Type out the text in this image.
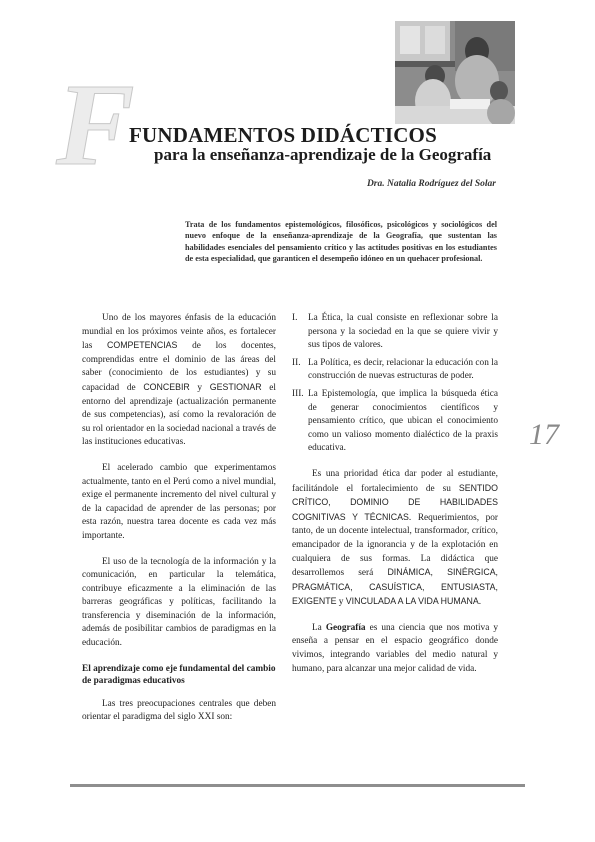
F FUNDAMENTOS DIDÁCTICOS
para la enseñanza-aprendizaje de la Geografía
Dra. Natalia Rodríguez del Solar

Trata de los fundamentos epistemológicos, filosóficos, psicológicos y sociológicos del nuevo enfoque de la enseñanza-aprendizaje de la Geografía, que sustentan las habilidades esenciales del pensamiento crítico y las actitudes positivas en los estudiantes de esta especialidad, que garanticen el desempeño idóneo en un quehacer profesional.

Uno de los mayores énfasis de la educación mundial en los próximos veinte años, es fortalecer las COMPETENCIAS de los docentes, comprendidas entre el dominio de las áreas del saber (conocimiento de los estudiantes) y su capacidad de CONCEBIR y GESTIONAR el entorno del aprendizaje (actualización permanente de sus competencias), así como la revaloración de su rol orientador en la sociedad nacional a través de las instituciones educativas.

El acelerado cambio que experimentamos actualmente, tanto en el Perú como a nivel mundial, exige el permanente incremento del nivel cultural y de la capacidad de aprender de las personas; por esta razón, nuestra tarea docente es cada vez más importante.

El uso de la tecnología de la información y la comunicación, en particular la telemática, contribuye eficazmente a la eliminación de las barreras geográficas y políticas, facilitando la transferencia y diseminación de la información, además de posibilitar cambios de paradigmas en la educación.

El aprendizaje como eje fundamental del cambio de paradigmas educativos

Las tres preocupaciones centrales que deben orientar el paradigma del siglo XXI son:

I. La Ética, la cual consiste en reflexionar sobre la persona y la sociedad en la que se quiere vivir y sus tipos de valores.
II. La Política, es decir, relacionar la educación con la construcción de nuevas estructuras de poder.
III. La Epistemología, que implica la búsqueda ética de generar conocimientos científicos y pensamiento crítico, que ubican el conocimiento como un valioso momento dialéctico de la praxis educativa.

Es una prioridad ética dar poder al estudiante, facilitándole el fortalecimiento de su SENTIDO CRÍTICO, DOMINIO DE HABILIDADES COGNITIVAS Y TÉCNICAS. Requerimientos, por tanto, de un docente intelectual, transformador, crítico, emancipador de la ignorancia y de la explotación en cualquiera de sus formas. La didáctica que desarrollemos será DINÁMICA, SINÉRGICA, PRAGMÁTICA, CASUÍSTICA, ENTUSIASTA, EXIGENTE y VINCULADA A LA VIDA HUMANA.

La Geografía es una ciencia que nos motiva y enseña a pensar en el espacio geográfico donde vivimos, integrando variables del medio natural y humano, para alcanzar una mejor calidad de vida.

17
